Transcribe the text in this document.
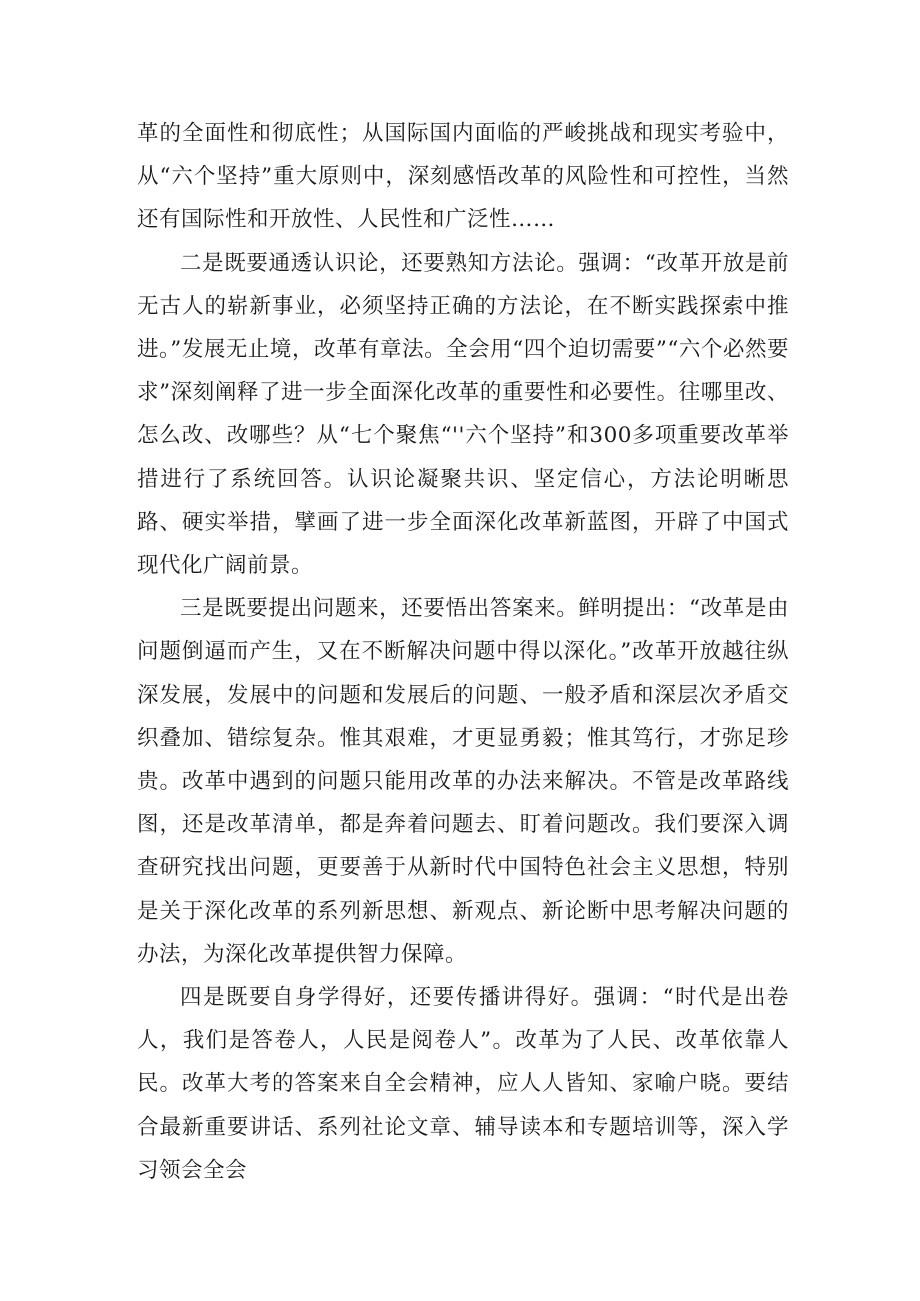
革的全面性和彻底性；从国际国内面临的严峻挑战和现实考验中，从“六个坚持”重大原则中，深刻感悟改革的风险性和可控性，当然还有国际性和开放性、人民性和广泛性……

二是既要通透认识论，还要熟知方法论。强调：“改革开放是前无古人的崭新事业，必须坚持正确的方法论，在不断实践探索中推进。”发展无止境，改革有章法。全会用“四个迫切需要”“六个必然要求”深刻阐释了进一步全面深化改革的重要性和必要性。往哪里改、怎么改、改哪些？从“七个聚焦“''六个坚持”和300多项重要改革举措进行了系统回答。认识论凝聚共识、坚定信心，方法论明晰思路、硬实举措，擘画了进一步全面深化改革新蓝图，开辟了中国式现代化广阔前景。

三是既要提出问题来，还要悟出答案来。鲜明提出：“改革是由问题倒逼而产生，又在不断解决问题中得以深化。”改革开放越往纵深发展，发展中的问题和发展后的问题、一般矛盾和深层次矛盾交织叠加、错综复杂。惟其艰难，才更显勇毅；惟其笃行，才弥足珍贵。改革中遇到的问题只能用改革的办法来解决。不管是改革路线图，还是改革清单，都是奔着问题去、盯着问题改。我们要深入调查研究找出问题，更要善于从新时代中国特色社会主义思想，特别是关于深化改革的系列新思想、新观点、新论断中思考解决问题的办法，为深化改革提供智力保障。

四是既要自身学得好，还要传播讲得好。强调：“时代是出卷人，我们是答卷人，人民是阅卷人”。改革为了人民、改革依靠人民。改革大考的答案来自全会精神，应人人皆知、家喻户晓。要结合最新重要讲话、系列社论文章、辅导读本和专题培训等，深入学习领会全会
